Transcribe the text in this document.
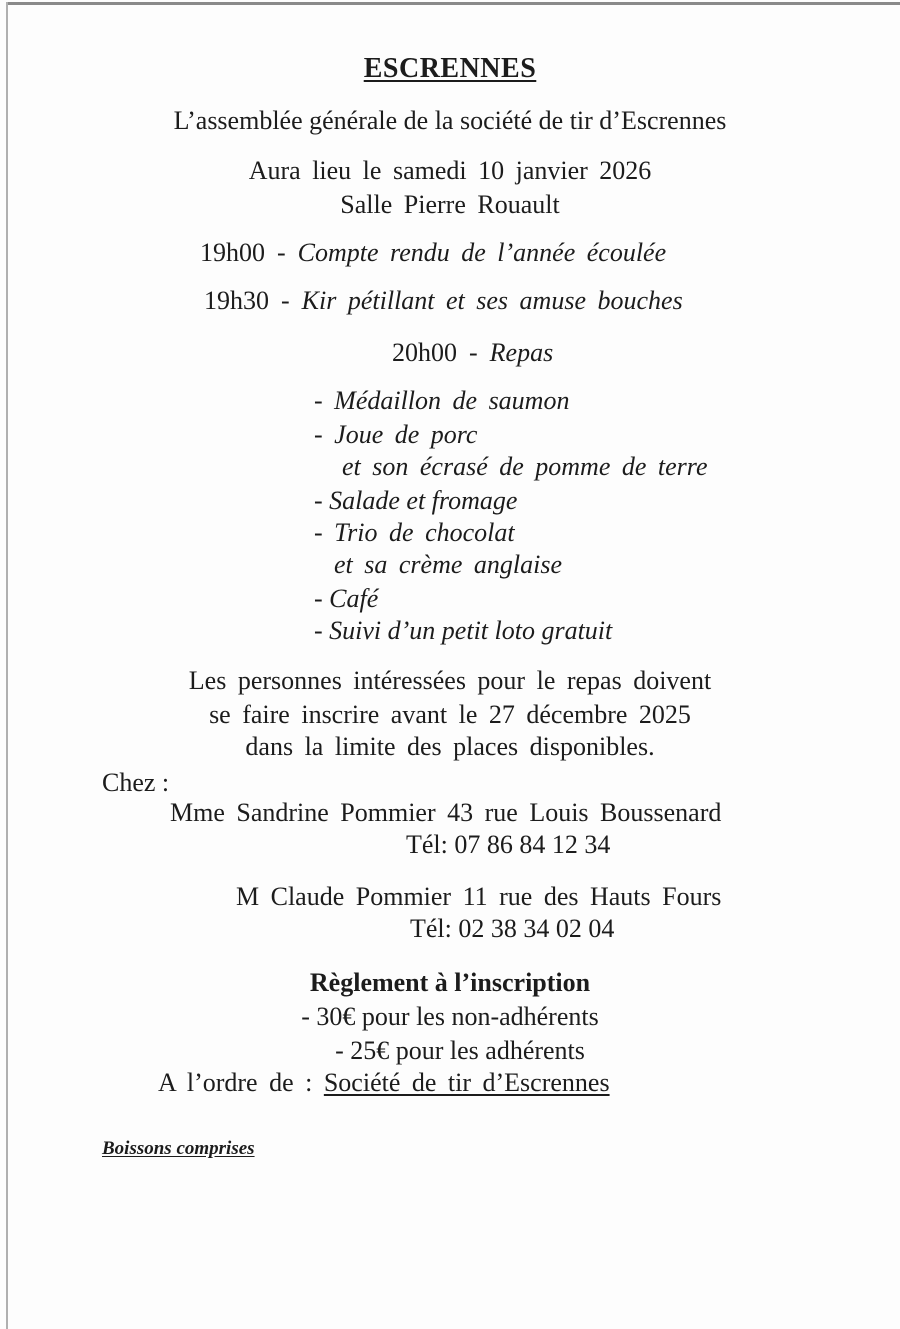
ESCRENNES
L’assemblée générale de la société de tir d’Escrennes
Aura lieu le samedi 10 janvier 2026
Salle Pierre Rouault
19h00 - Compte rendu de l’année écoulée
19h30 - Kir pétillant et ses amuse bouches
20h00 - Repas
- Médaillon de saumon
- Joue de porc
et son écrasé de pomme de terre
- Salade et fromage
- Trio de chocolat
et sa crème anglaise
- Café
- Suivi d’un petit loto gratuit
Les personnes intéressées pour le repas doivent
se faire inscrire avant le 27 décembre 2025
dans la limite des places disponibles.
Chez :
Mme Sandrine Pommier 43 rue Louis Boussenard
Tél: 07 86 84 12 34
M Claude Pommier 11 rue des Hauts Fours
Tél: 02 38 34 02 04
Règlement à l’inscription
- 30€ pour les non-adhérents
- 25€ pour les adhérents
A l’ordre de : Société de tir d’Escrennes
Boissons comprises
